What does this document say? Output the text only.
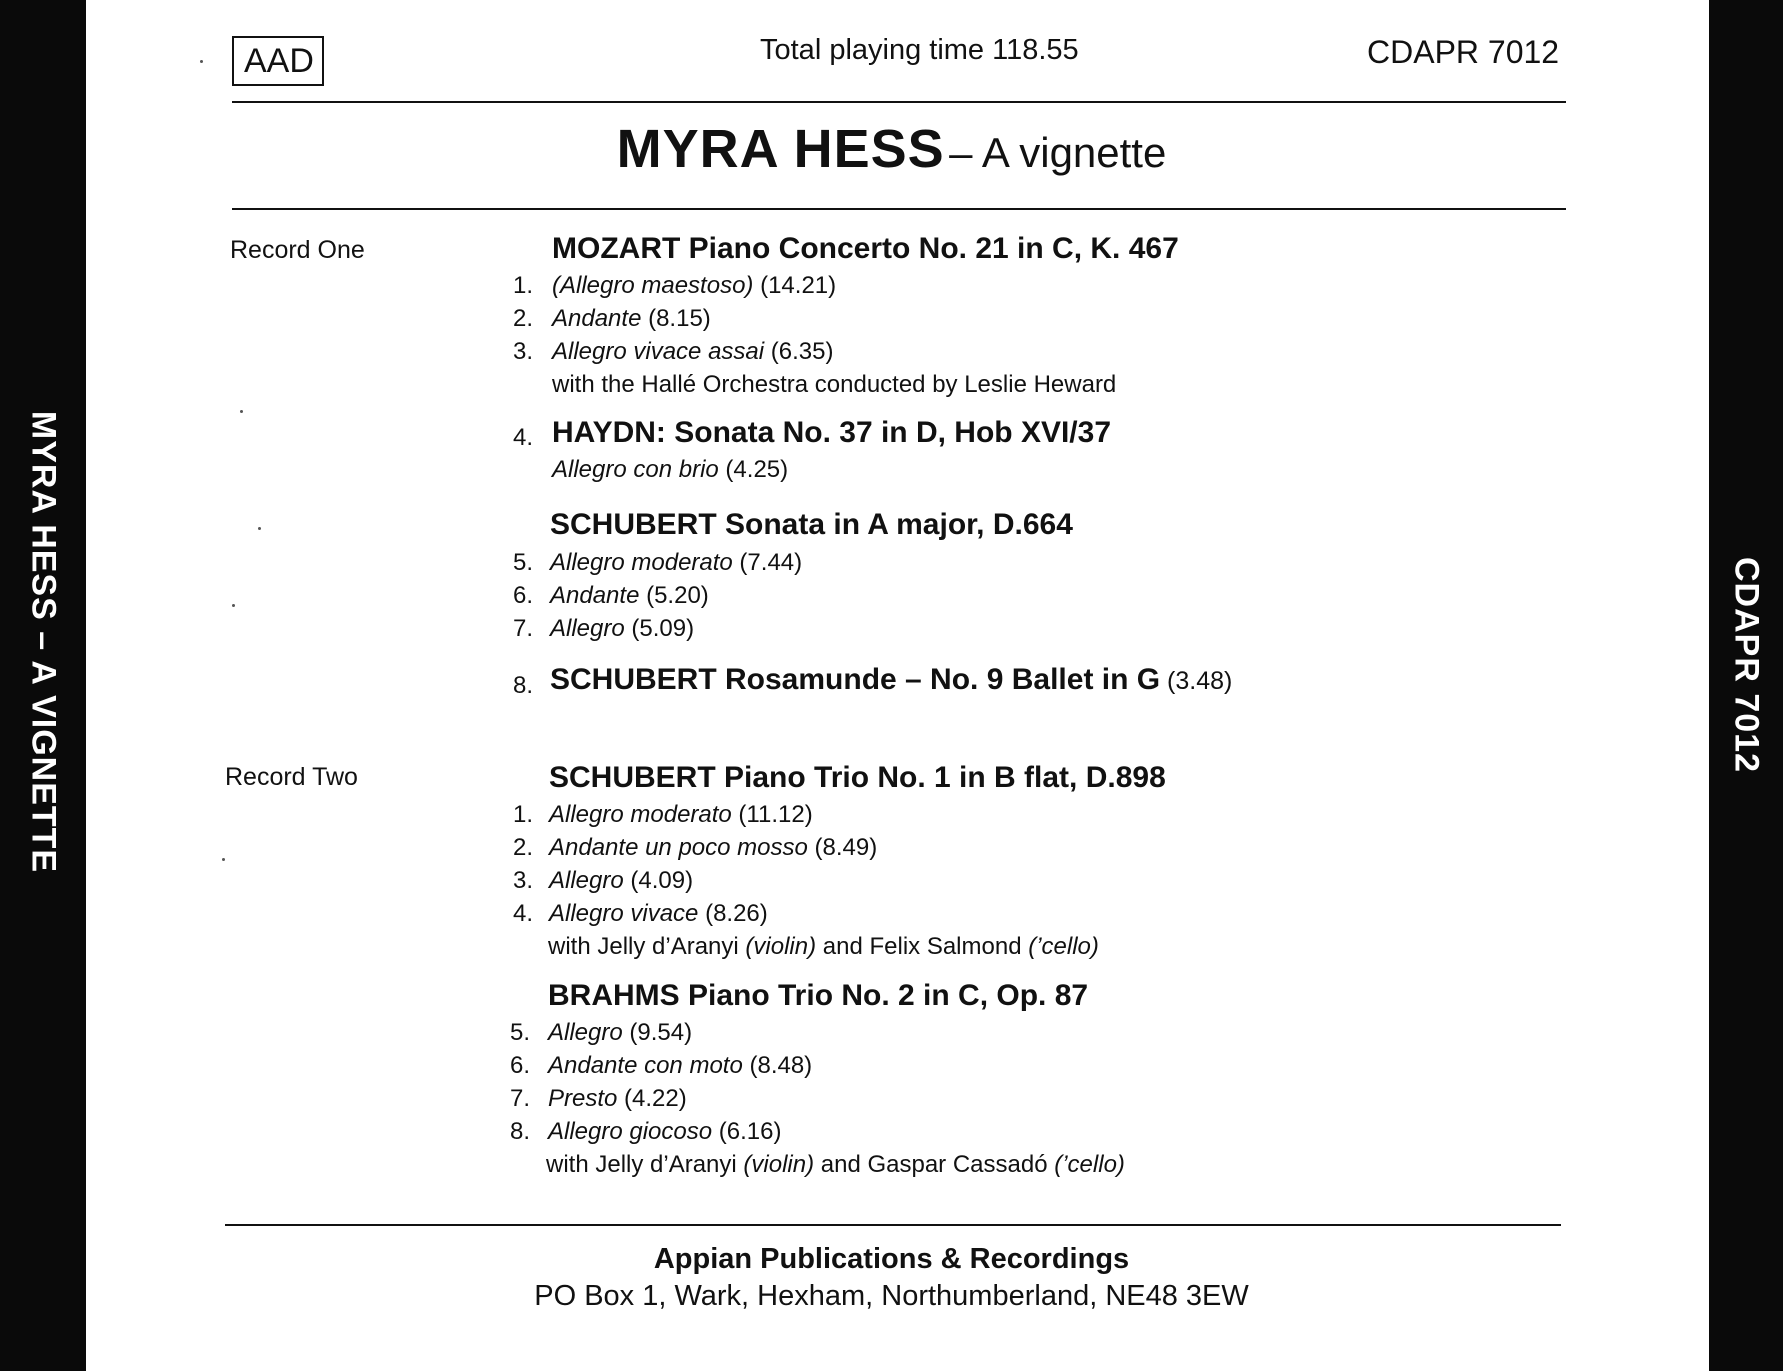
MYRA HESS – A VIGNETTE	CDAPR 7012
AAD	Total playing time 118.55	CDAPR 7012
MYRA HESS – A vignette
Record One	MOZART Piano Concerto No. 21 in C, K. 467
1. (Allegro maestoso) (14.21)
2. Andante (8.15)
3. Allegro vivace assai (6.35)
with the Hallé Orchestra conducted by Leslie Heward
4. HAYDN: Sonata No. 37 in D, Hob XVI/37
Allegro con brio (4.25)
SCHUBERT Sonata in A major, D.664
5. Allegro moderato (7.44)
6. Andante (5.20)
7. Allegro (5.09)
8. SCHUBERT Rosamunde – No. 9 Ballet in G (3.48)
Record Two	SCHUBERT Piano Trio No. 1 in B flat, D.898
1. Allegro moderato (11.12)
2. Andante un poco mosso (8.49)
3. Allegro (4.09)
4. Allegro vivace (8.26)
with Jelly d’Aranyi (violin) and Felix Salmond (’cello)
BRAHMS Piano Trio No. 2 in C, Op. 87
5. Allegro (9.54)
6. Andante con moto (8.48)
7. Presto (4.22)
8. Allegro giocoso (6.16)
with Jelly d’Aranyi (violin) and Gaspar Cassadó (’cello)
Appian Publications & Recordings
PO Box 1, Wark, Hexham, Northumberland, NE48 3EW
